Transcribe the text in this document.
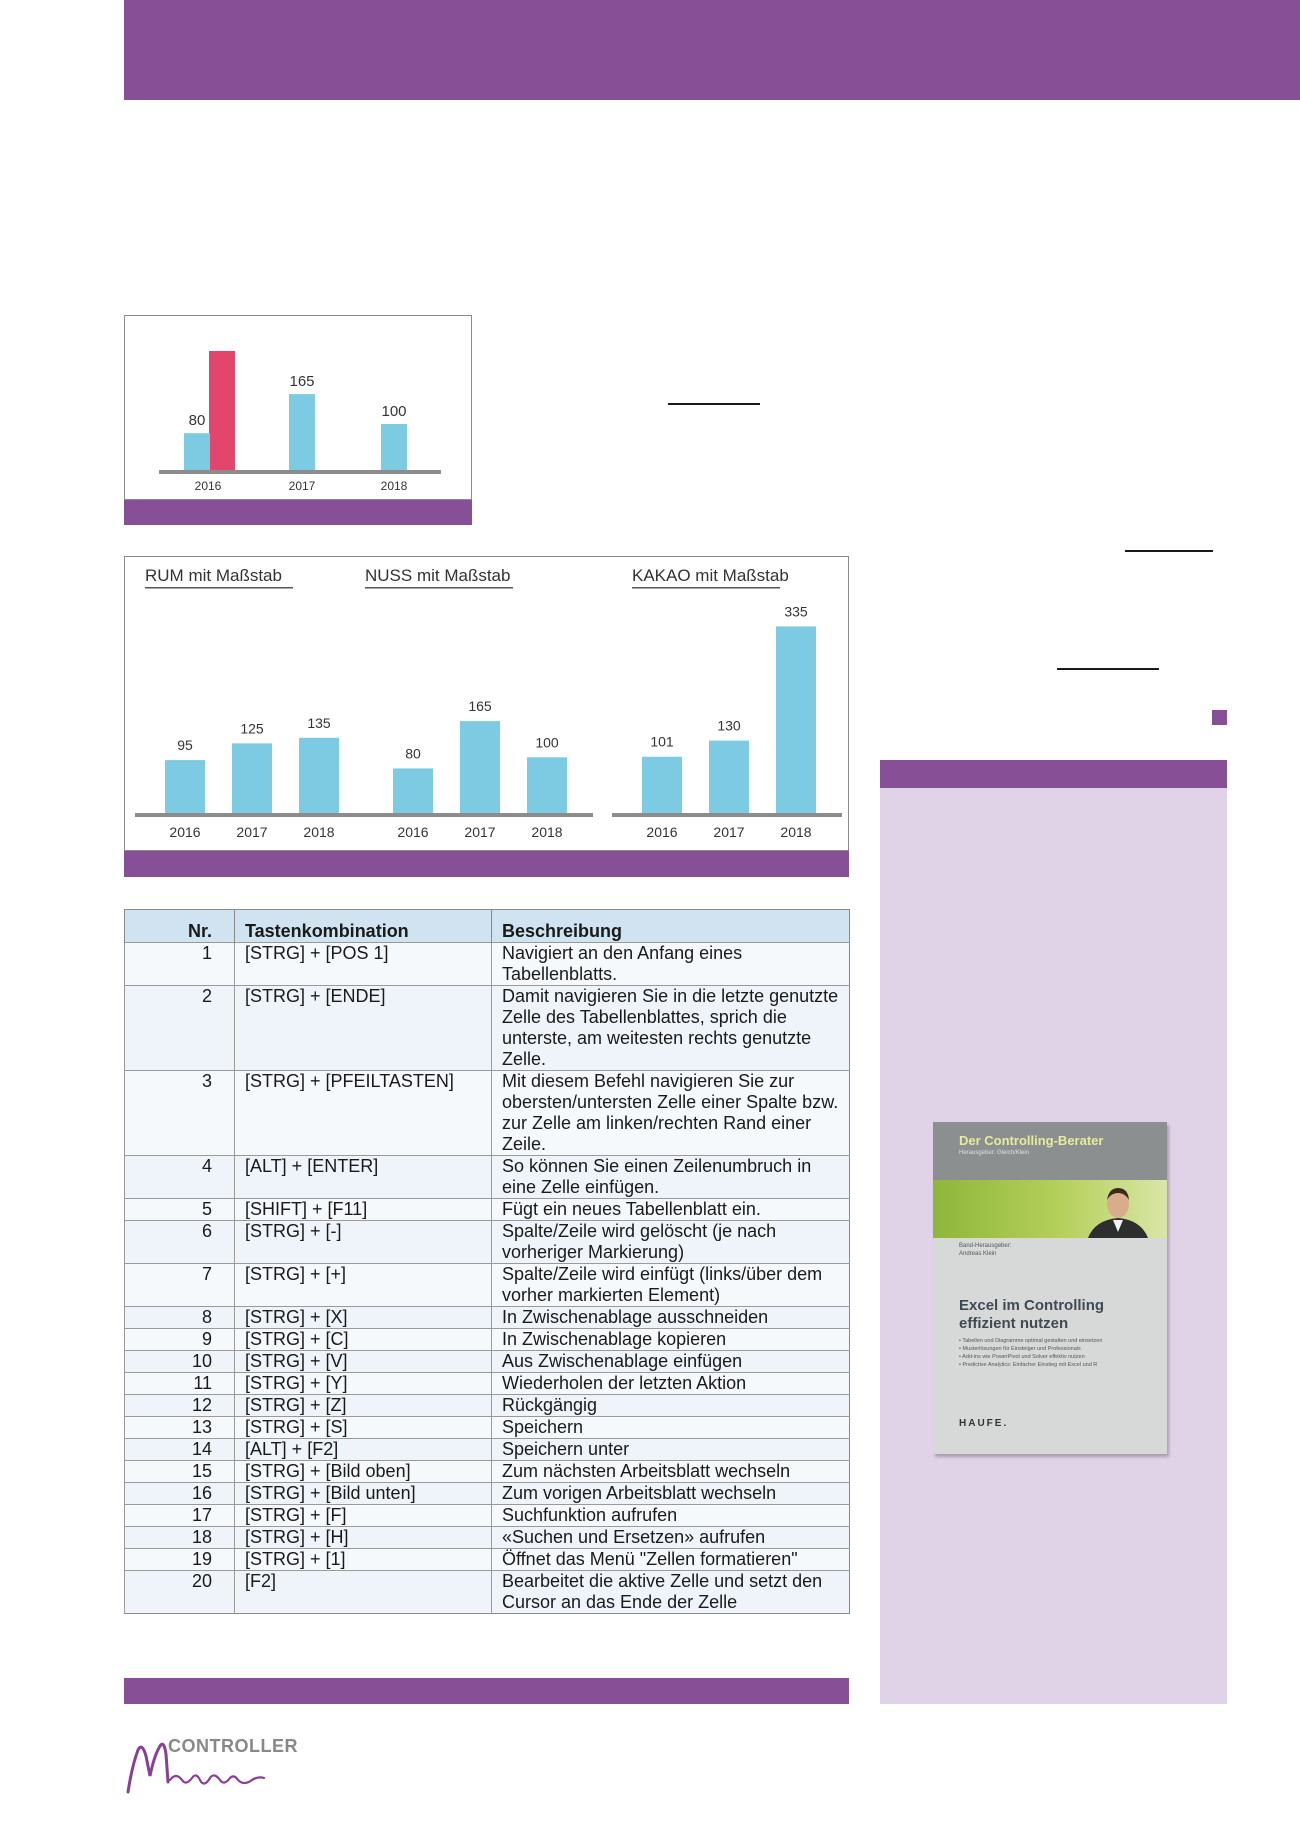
80
2016
165
2017
100
2018
RUM mit Maßstab
95
2016
125
2017
135
2018
NUSS mit Maßstab
80
2016
165
2017
100
2018
KAKAO mit Maßstab
101
2016
130
2017
335
2018
Der Controlling-Berater
Herausgeber: Gleich/Klein
Band-Herausgeber:
Andreas Klein
Excel im Controlling
effizient nutzen
• Tabellen und Diagramme optimal gestalten und einsetzen
• Musterlösungen für Einsteiger und Professionals
• Add-ins wie PowerPivot und Solver effektiv nutzen
• Predictive Analytics: Einfacher Einstieg mit Excel und R
HAUFE.
Nr.	Tastenkombination	Beschreibung
1	[STRG] + [POS 1]	Navigiert an den Anfang eines Tabellenblatts.
2	[STRG] + [ENDE]	Damit navigieren Sie in die letzte genutzte Zelle des Tabellenblattes, sprich die unterste, am weitesten rechts genutzte Zelle.
3	[STRG] + [PFEILTASTEN]	Mit diesem Befehl navigieren Sie zur obersten/untersten Zelle einer Spalte bzw. zur Zelle am linken/rechten Rand einer Zeile.
4	[ALT] + [ENTER]	So können Sie einen Zeilenumbruch in eine Zelle einfügen.
5	[SHIFT] + [F11]	Fügt ein neues Tabellenblatt ein.
6	[STRG] + [-]	Spalte/Zeile wird gelöscht (je nach vorheriger Markierung)
7	[STRG] + [+]	Spalte/Zeile wird einfügt (links/über dem vorher markierten Element)
8	[STRG] + [X]	In Zwischenablage ausschneiden
9	[STRG] + [C]	In Zwischenablage kopieren
10	[STRG] + [V]	Aus Zwischenablage einfügen
11	[STRG] + [Y]	Wiederholen der letzten Aktion
12	[STRG] + [Z]	Rückgängig
13	[STRG] + [S]	Speichern
14	[ALT] + [F2]	Speichern unter
15	[STRG] + [Bild oben]	Zum nächsten Arbeitsblatt wechseln
16	[STRG] + [Bild unten]	Zum vorigen Arbeitsblatt wechseln
17	[STRG] + [F]	Suchfunktion aufrufen
18	[STRG] + [H]	«Suchen und Ersetzen» aufrufen
19	[STRG] + [1]	Öffnet das Menü "Zellen formatieren"
20	[F2]	Bearbeitet die aktive Zelle und setzt den Cursor an das Ende der Zelle
CONTROLLER
